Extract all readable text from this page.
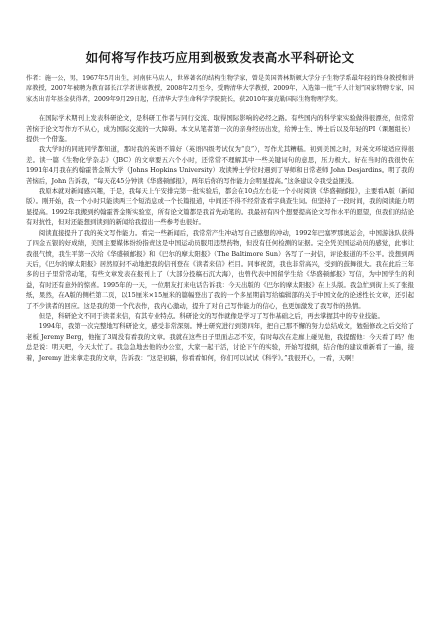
如何将写作技巧应用到极致发表高水平科研论文

作者：施一公，男，1967年5月出生，河南驻马店人，世界著名的结构生物学家，曾是美国普林斯顿大学分子生物学系最年轻的终身教授和讲席教授，2007年被聘为教育部长江学者讲席教授，2008年2月至今，受聘清华大学教授，2009年，入选第一批“千人计划”国家特聘专家，国家杰出青年基金获得者，2009年9月29日起，任清华大学生命科学学院院长，获2010年赛克勒国际生物物理学奖。

在国际学术期刊上发表科研论文，是科研工作者与同行交流、取得国际影响的必经之路。有些国内的科学家实验做得很漂亮，但常常苦恼于论文写作方不从心，成为国际交流的一大障碍。本文从笔者第一次的亲身经历出发，给博士生、博士后以及年轻的PI（课题组长）提供一个借鉴。

我大学时的同班同学都知道，那时我的英语不算好（英语四级考试仅为“良”），写作尤其糟糕。初到美国之时，对英文环境适应得很差。读一篇《生物化学杂志》（JBC）的文章要五六个小时，还常常不理解其中一些关键词句的意思，压力极大。好在当时的我很快在1991年4月我在约翰霍普金斯大学（Johns Hopkins University）攻读博士学位时遇到了导师和日常老师 John Desjardins。明了我的苦恼后，John 告诉我，“每天花45分钟读《华盛顿邮报》，两年后你的写作能力会明显提高。”这条建议令我受益匪浅。

我原本就对新闻感兴趣，于是，我每天上午安排完第一批实验后，都会在10点左右花一个小时阅读《华盛顿邮报》，主要看A版（新闻版）。刚开始，我一个小时只能读两三个短消息或一个长篇报道，中间还不得不经常查看字典查生词。但坚持了一段时间，我的阅读能力明显提高。1992年我搬到约翰霍普金斯实验室，所有论文篇都是我首先动笔的。我最初有四个想要提高论文写作水平的愿望，但我们的结论有对抗性，但对还能想到读到的新闻给我提出一些参考也很好。

阅读直接提升了我的英文写作能力。看完一些新闻后，我常常产生冲动写自己感想的冲动，1992年巴塞罗那奥运会，中国游泳队获得了四金五银的好成绩，美国主要媒体纷纷指责这是中国运动员服用违禁药物，但没有任何检测的证据。完全凭美国运动员的感觉，此事让我很气愤，我生平第一次给《华盛顿邮报》和《巴尔的摩太阳报》（The Baltimore Sun）各写了一封信，评论报道的不公平。没想到两天后，《巴尔的摩太阳报》居然原封不动地把我的信刊登在《读者来信》栏目。同事祝贺，我也非常高兴，受到的鼓舞很大。我在此后三年多的日子里常常动笔，有些文章发表在报刊上了（大部分投稿石沉大海），也曾代表中国留学生给《华盛顿邮报》写信，为中国学生的利益，有时还有意外的惊喜。1995年的一天，一位朋友打来电话告诉我：今天出版的《巴尔的摩太阳报》在上头版。我急忙到街上买了张报纸，果然，在A版的侧栏第二页，以15厘米×15厘米的篇幅登出了我的一个多星期前写给编辑部的关于中国文化的论述性长文章，还引起了不少读者的回应。这是我的第一个代表作，我内心激动，提升了对自己写作能力的信心，也更加激发了我写作的热情。

但是，科研论文不同于读者来信，有其专业特点。科研论文的写作就像是学习了写作基础之后，再去掌握其中的专业技能。

1994年，我第一次完整地写科研论文，感受非常深刻。博士研究进行到第四年，把自己那不懈的努力总结成文，勉强修改之后交给了老板 Jeremy Berg，他拖了3周没有看我的文章。我就在这些日子里面忐忑不安，有时每次在走廊上碰见他，我提醒他：今天看了吗？他总是说：明天吧，今天太忙了。我急急地去他的办公室，大家一起干活，讨论下午的实验，开始写提纲，结合他的建议重新看了一遍，接着，Jeremy 进来拿走我的文章，告诉我：“这是初稿，你看看如何，你们可以试试《科学》。”我很开心，一看，天啊！
